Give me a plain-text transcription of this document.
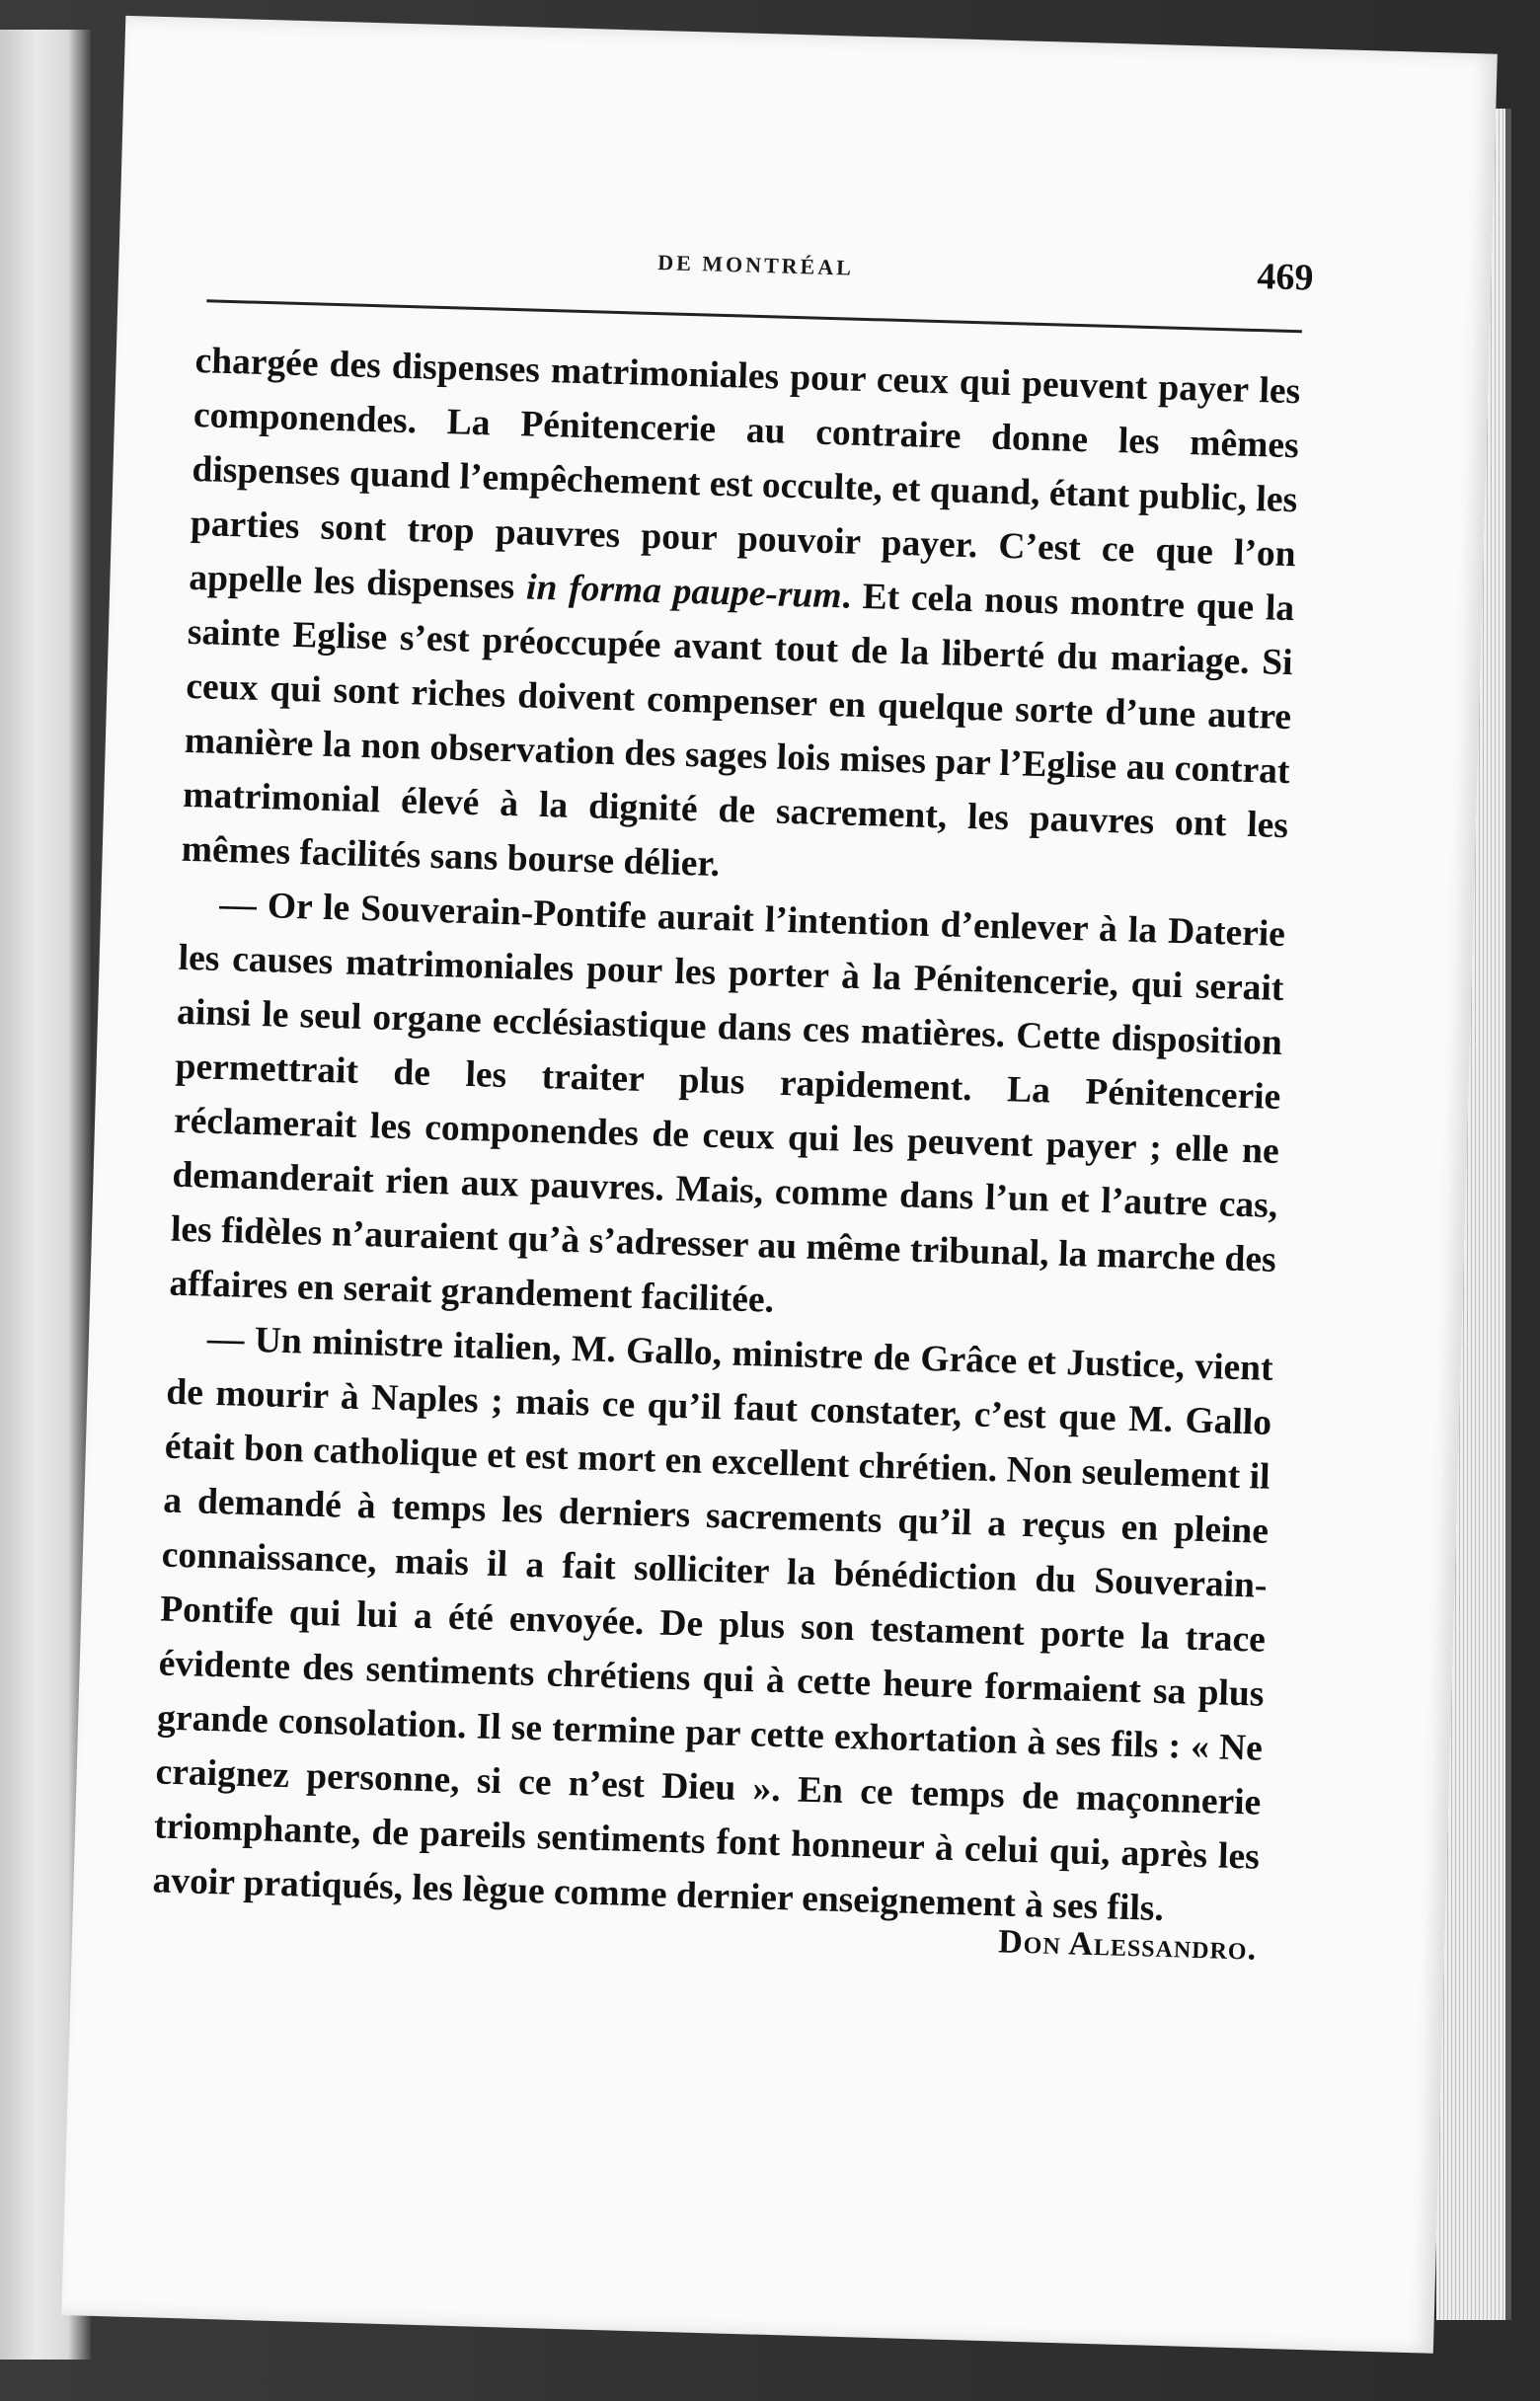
DE MONTRÉAL	469

chargée des dispenses matrimoniales pour ceux qui peuvent payer les componendes. La Pénitencerie au contraire donne les mêmes dispenses quand l’empêchement est occulte, et quand, étant public, les parties sont trop pauvres pour pouvoir payer. C’est ce que l’on appelle les dispenses in forma paupe-rum. Et cela nous montre que la sainte Eglise s’est préoccupée avant tout de la liberté du mariage. Si ceux qui sont riches doivent compenser en quelque sorte d’une autre manière la non observation des sages lois mises par l’Eglise au contrat matrimonial élevé à la dignité de sacrement, les pauvres ont les mêmes facilités sans bourse délier.

— Or le Souverain-Pontife aurait l’intention d’enlever à la Daterie les causes matrimoniales pour les porter à la Pénitencerie, qui serait ainsi le seul organe ecclésiastique dans ces matières. Cette disposition permettrait de les traiter plus rapidement. La Pénitencerie réclamerait les componendes de ceux qui les peuvent payer ; elle ne demanderait rien aux pauvres. Mais, comme dans l’un et l’autre cas, les fidèles n’auraient qu’à s’adresser au même tribunal, la marche des affaires en serait grandement facilitée.

— Un ministre italien, M. Gallo, ministre de Grâce et Justice, vient de mourir à Naples ; mais ce qu’il faut constater, c’est que M. Gallo était bon catholique et est mort en excellent chrétien. Non seulement il a demandé à temps les derniers sacrements qu’il a reçus en pleine connaissance, mais il a fait solliciter la bénédiction du Souverain-Pontife qui lui a été envoyée. De plus son testament porte la trace évidente des sentiments chrétiens qui à cette heure formaient sa plus grande consolation. Il se termine par cette exhortation à ses fils : « Ne craignez personne, si ce n’est Dieu ». En ce temps de maçonnerie triomphante, de pareils sentiments font honneur à celui qui, après les avoir pratiqués, les lègue comme dernier enseignement à ses fils.

Don Alessandro.
